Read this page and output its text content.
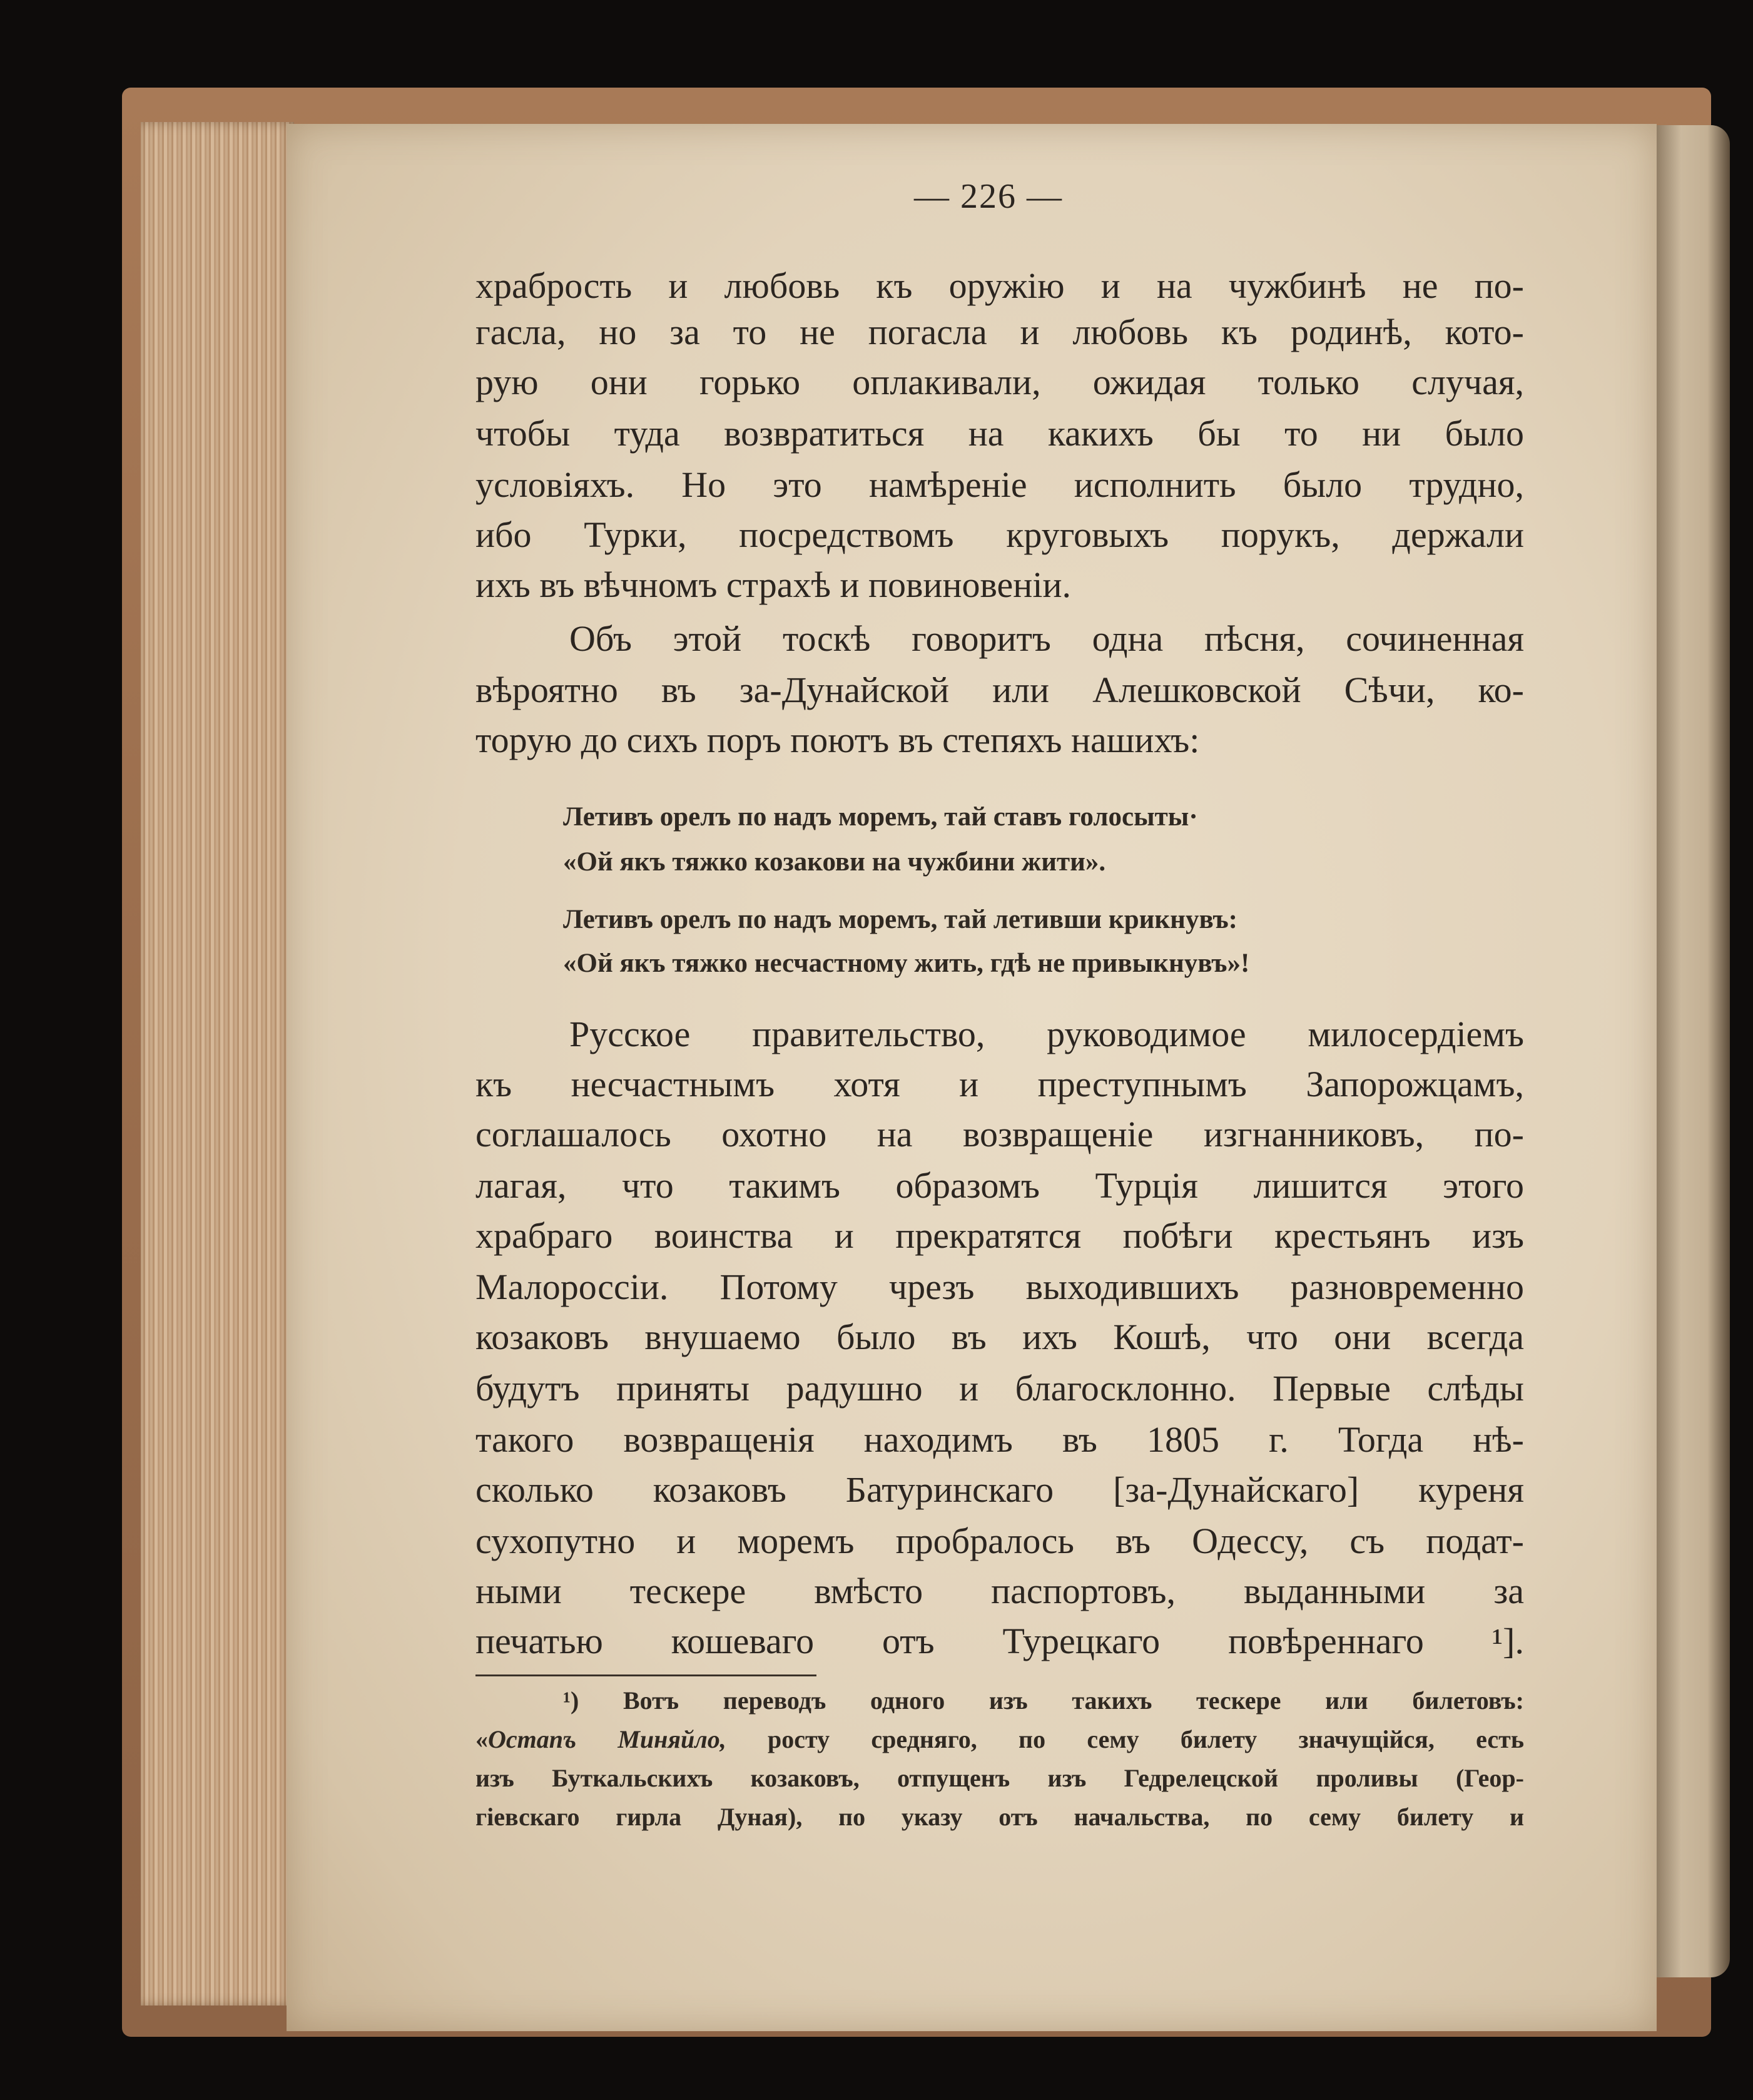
— 226 —
храбрость и любовь къ оружію и на чужбинѣ не по-
гасла, но за то не погасла и любовь къ родинѣ, кото-
рую они горько оплакивали, ожидая только случая,
чтобы туда возвратиться на какихъ бы то ни было
условіяхъ. Но это намѣреніе исполнить было трудно,
ибо Турки, посредствомъ круговыхъ порукъ, держали
ихъ въ вѣчномъ страхѣ и повиновеніи.
Объ этой тоскѣ говоритъ одна пѣсня, сочиненная
вѣроятно въ за-Дунайской или Алешковской Сѣчи, ко-
торую до сихъ поръ поютъ въ степяхъ нашихъ:
Летивъ орелъ по надъ моремъ, тай ставъ голосыты·
«Ой якъ тяжко козакови на чужбини жити».
Летивъ орелъ по надъ моремъ, тай летивши крикнувъ:
«Ой якъ тяжко несчастному жить, гдѣ не привыкнувъ»!
Русское правительство, руководимое милосердіемъ
къ несчастнымъ хотя и преступнымъ Запорожцамъ,
соглашалось охотно на возвращеніе изгнанниковъ, по-
лагая, что такимъ образомъ Турція лишится этого
храбраго воинства и прекратятся побѣги крестьянъ изъ
Малороссіи. Потому чрезъ выходившихъ разновременно
козаковъ внушаемо было въ ихъ Кошѣ, что они всегда
будутъ приняты радушно и благосклонно. Первые слѣды
такого возвращенія находимъ въ 1805 г. Тогда нѣ-
сколько козаковъ Батуринскаго [за-Дунайскаго] куреня
сухопутно и моремъ пробралось въ Одессу, съ подат-
ными тескере вмѣсто паспортовъ, выданными за
печатью кошеваго отъ Турецкаго повѣреннаго ¹].
¹) Вотъ переводъ одного изъ такихъ тескере или билетовъ:
«Остапъ Миняйло, росту средняго, по сему билету значущійся, есть
изъ Буткальскихъ козаковъ, отпущенъ изъ Гедрелецской проливы (Геор-
гіевскаго гирла Дуная), по указу отъ начальства, по сему билету и
